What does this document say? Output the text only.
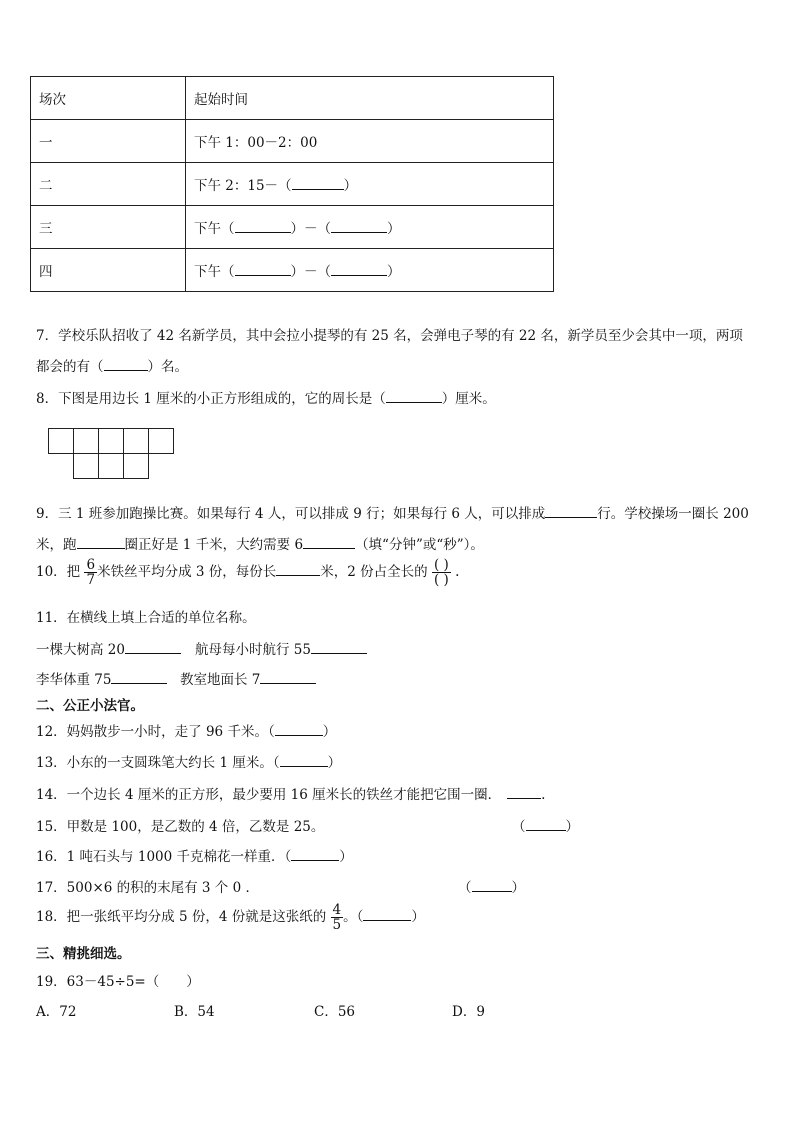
场次	起始时间
一	下午 1：00－2：00
二	下午 2：15－（ ）
三	下午（ ）－（ ）
四	下午（ ）－（ ）
7．学校乐队招收了 42 名新学员，其中会拉小提琴的有 25 名，会弹电子琴的有 22 名，新学员至少会其中一项，两项
都会的有（	）名。
8．下图是用边长 1 厘米的小正方形组成的，它的周长是（	）厘米。
9．三 1 班参加跑操比赛。如果每行 4 人，可以排成 9 行；如果每行 6 人，可以排成	行。学校操场一圈长 200
米，跑	圈正好是 1 千米，大约需要 6	（填“分钟”或“秒”）。
10．把 $\frac{6}{7}$ 米铁丝平均分成 3 份，每份长	米，2 份占全长的 $\frac{( )}{( )}$ .
11．在横线上填上合适的单位名称。
一棵大树高 20	航母每小时航行 55
李华体重 75	教室地面长 7
二、公正小法官。
12．妈妈散步一小时，走了 96 千米。（	）
13．小东的一支圆珠笔大约长 1 厘米。（	）
14．一个边长 4 厘米的正方形，最少要用 16 厘米长的铁丝才能把它围一圈．	.
15．甲数是 100，是乙数的 4 倍，乙数是 25。	（	）
16．1 吨石头与 1000 千克棉花一样重．（	）
17．500×6 的积的末尾有 3 个 0 ．	（	）
18．把一张纸平均分成 5 份，4 份就是这张纸的 $\frac{4}{5}$ 。（	）
三、精挑细选。
19．63－45÷5=（　　）
A．72	B．54	C．56	D．9
